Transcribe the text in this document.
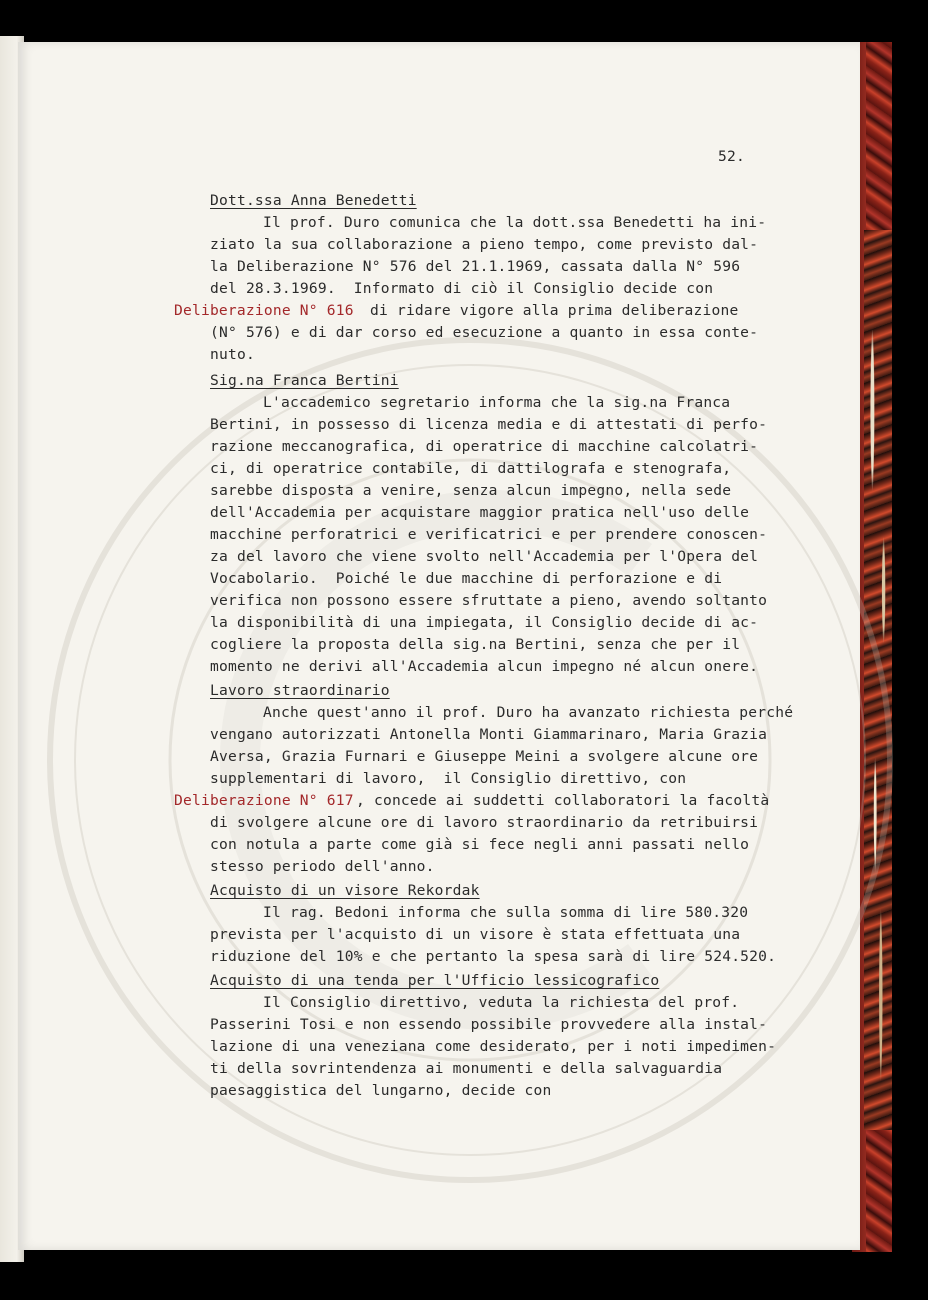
52.
Dott.ssa Anna Benedetti
Il prof. Duro comunica che la dott.ssa Benedetti ha ini-
ziato la sua collaborazione a pieno tempo, come previsto dal-
la Deliberazione N° 576 del 21.1.1969, cassata dalla N° 596
del 28.3.1969.  Informato di ciò il Consiglio decide con
Deliberazione N° 616 di ridare vigore alla prima deliberazione
(N° 576) e di dar corso ed esecuzione a quanto in essa conte-
nuto.
Sig.na Franca Bertini
L'accademico segretario informa che la sig.na Franca
Bertini, in possesso di licenza media e di attestati di perfo-
razione meccanografica, di operatrice di macchine calcolatri-
ci, di operatrice contabile, di dattilografa e stenografa,
sarebbe disposta a venire, senza alcun impegno, nella sede
dell'Accademia per acquistare maggior pratica nell'uso delle
macchine perforatrici e verificatrici e per prendere conoscen-
za del lavoro che viene svolto nell'Accademia per l'Opera del
Vocabolario.  Poiché le due macchine di perforazione e di
verifica non possono essere sfruttate a pieno, avendo soltanto
la disponibilità di una impiegata, il Consiglio decide di ac-
cogliere la proposta della sig.na Bertini, senza che per il
momento ne derivi all'Accademia alcun impegno né alcun onere.
Lavoro straordinario
Anche quest'anno il prof. Duro ha avanzato richiesta perché
vengano autorizzati Antonella Monti Giammarinaro, Maria Grazia
Aversa, Grazia Furnari e Giuseppe Meini a svolgere alcune ore
supplementari di lavoro,  il Consiglio direttivo, con
Deliberazione N° 617 , concede ai suddetti collaboratori la facoltà
di svolgere alcune ore di lavoro straordinario da retribuirsi
con notula a parte come già si fece negli anni passati nello
stesso periodo dell'anno.
Acquisto di un visore Rekordak
Il rag. Bedoni informa che sulla somma di lire 580.320
prevista per l'acquisto di un visore è stata effettuata una
riduzione del 10% e che pertanto la spesa sarà di lire 524.520.
Acquisto di una tenda per l'Ufficio lessicografico
Il Consiglio direttivo, veduta la richiesta del prof.
Passerini Tosi e non essendo possibile provvedere alla instal-
lazione di una veneziana come desiderato, per i noti impedimen-
ti della sovrintendenza ai monumenti e della salvaguardia
paesaggistica del lungarno, decide con
